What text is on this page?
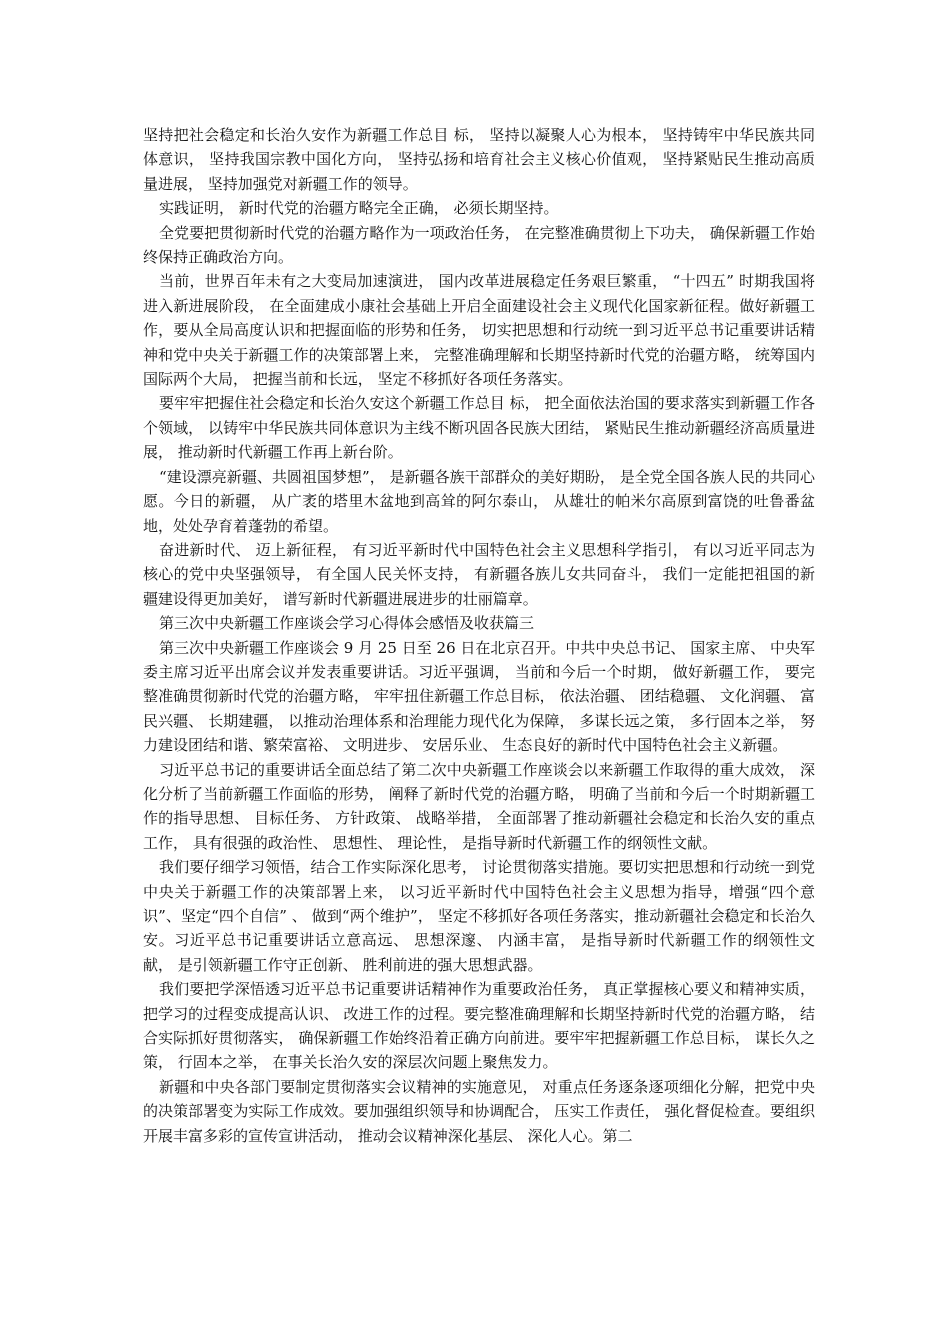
坚持把社会稳定和长治久安作为新疆工作总目 标， 坚持以凝聚人心为根本， 坚持铸牢中华民族共同体意识， 坚持我国宗教中国化方向， 坚持弘扬和培育社会主义核心价值观， 坚持紧贴民生推动高质量进展， 坚持加强党对新疆工作的领导。

实践证明， 新时代党的治疆方略完全正确， 必须长期坚持。

全党要把贯彻新时代党的治疆方略作为一项政治任务， 在完整准确贯彻上下功夫， 确保新疆工作始终保持正确政治方向。

当前，世界百年未有之大变局加速演进， 国内改革进展稳定任务艰巨繁重， “十四五” 时期我国将进入新进展阶段， 在全面建成小康社会基础上开启全面建设社会主义现代化国家新征程。做好新疆工作，要从全局高度认识和把握面临的形势和任务， 切实把思想和行动统一到习近平总书记重要讲话精神和党中央关于新疆工作的决策部署上来， 完整准确理解和长期坚持新时代党的治疆方略， 统筹国内国际两个大局， 把握当前和长远， 坚定不移抓好各项任务落实。

要牢牢把握住社会稳定和长治久安这个新疆工作总目 标， 把全面依法治国的要求落实到新疆工作各个领域， 以铸牢中华民族共同体意识为主线不断巩固各民族大团结， 紧贴民生推动新疆经济高质量进展， 推动新时代新疆工作再上新台阶。

“建设漂亮新疆、共圆祖国梦想”， 是新疆各族干部群众的美好期盼， 是全党全国各族人民的共同心愿。今日的新疆， 从广袤的塔里木盆地到高耸的阿尔泰山， 从雄壮的帕米尔高原到富饶的吐鲁番盆地，处处孕育着蓬勃的希望。

奋进新时代、 迈上新征程， 有习近平新时代中国特色社会主义思想科学指引， 有以习近平同志为核心的党中央坚强领导， 有全国人民关怀支持， 有新疆各族儿女共同奋斗， 我们一定能把祖国的新疆建设得更加美好， 谱写新时代新疆进展进步的壮丽篇章。

第三次中央新疆工作座谈会学习心得体会感悟及收获篇三

第三次中央新疆工作座谈会 9 月 25 日至 26 日在北京召开。中共中央总书记、 国家主席、 中央军委主席习近平出席会议并发表重要讲话。习近平强调， 当前和今后一个时期， 做好新疆工作， 要完整准确贯彻新时代党的治疆方略， 牢牢扭住新疆工作总目标， 依法治疆、 团结稳疆、 文化润疆、 富民兴疆、 长期建疆， 以推动治理体系和治理能力现代化为保障， 多谋长远之策， 多行固本之举， 努力建设团结和谐、繁荣富裕、 文明进步、 安居乐业、 生态良好的新时代中国特色社会主义新疆。

习近平总书记的重要讲话全面总结了第二次中央新疆工作座谈会以来新疆工作取得的重大成效， 深化分析了当前新疆工作面临的形势， 阐释了新时代党的治疆方略， 明确了当前和今后一个时期新疆工作的指导思想、 目标任务、 方针政策、 战略举措， 全面部署了推动新疆社会稳定和长治久安的重点工作， 具有很强的政治性、 思想性、 理论性， 是指导新时代新疆工作的纲领性文献。

我们要仔细学习领悟，结合工作实际深化思考， 讨论贯彻落实措施。要切实把思想和行动统一到党中央关于新疆工作的决策部署上来， 以习近平新时代中国特色社会主义思想为指导，增强“四个意识”、坚定“四个自信” 、 做到“两个维护”， 坚定不移抓好各项任务落实，推动新疆社会稳定和长治久安。习近平总书记重要讲话立意高远、 思想深邃、 内涵丰富， 是指导新时代新疆工作的纲领性文献， 是引领新疆工作守正创新、 胜利前进的强大思想武器。

我们要把学深悟透习近平总书记重要讲话精神作为重要政治任务， 真正掌握核心要义和精神实质， 把学习的过程变成提高认识、 改进工作的过程。要完整准确理解和长期坚持新时代党的治疆方略， 结合实际抓好贯彻落实， 确保新疆工作始终沿着正确方向前进。要牢牢把握新疆工作总目标， 谋长久之策， 行固本之举， 在事关长治久安的深层次问题上聚焦发力。

新疆和中央各部门要制定贯彻落实会议精神的实施意见， 对重点任务逐条逐项细化分解，把党中央的决策部署变为实际工作成效。要加强组织领导和协调配合， 压实工作责任， 强化督促检查。要组织开展丰富多彩的宣传宣讲活动， 推动会议精神深化基层、 深化人心。第二
